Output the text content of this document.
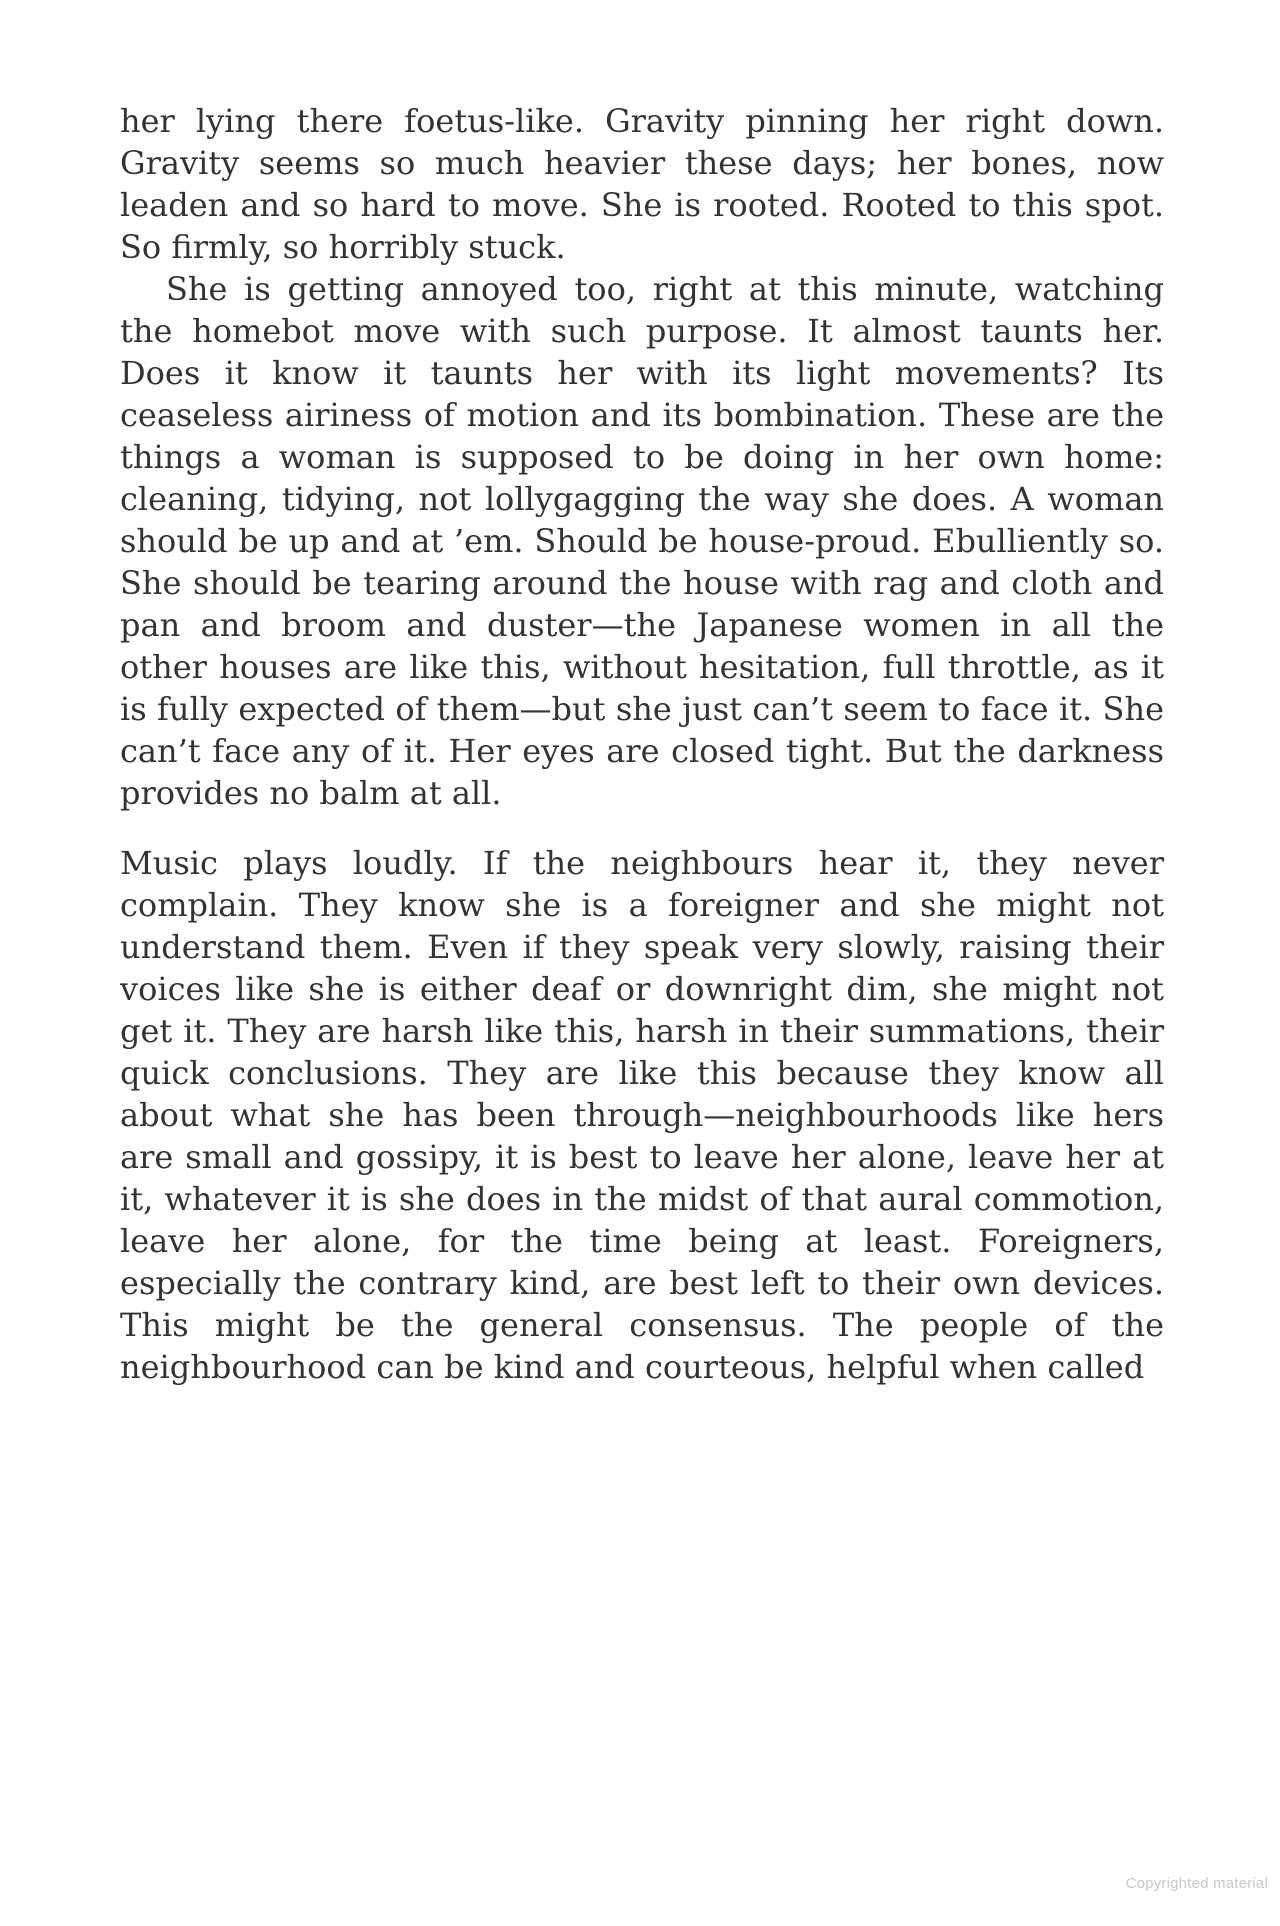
her lying there foetus-like. Gravity pinning her right down. Gravity seems so much heavier these days; her bones, now leaden and so hard to move. She is rooted. Rooted to this spot. So firmly, so horribly stuck.

She is getting annoyed too, right at this minute, watching the homebot move with such purpose. It almost taunts her. Does it know it taunts her with its light movements? Its ceaseless airiness of motion and its bombination. These are the things a woman is supposed to be doing in her own home: cleaning, tidying, not lollygagging the way she does. A woman should be up and at ’em. Should be house-proud. Ebulliently so. She should be tearing around the house with rag and cloth and pan and broom and duster—the Japanese women in all the other houses are like this, without hesitation, full throttle, as it is fully expected of them—but she just can’t seem to face it. She can’t face any of it. Her eyes are closed tight. But the darkness provides no balm at all.

Music plays loudly. If the neighbours hear it, they never complain. They know she is a foreigner and she might not understand them. Even if they speak very slowly, raising their voices like she is either deaf or downright dim, she might not get it. They are harsh like this, harsh in their summations, their quick conclusions. They are like this because they know all about what she has been through—neighbourhoods like hers are small and gossipy, it is best to leave her alone, leave her at it, whatever it is she does in the midst of that aural commotion, leave her alone, for the time being at least. Foreigners, especially the contrary kind, are best left to their own devices. This might be the general consensus. The people of the neighbourhood can be kind and courteous, helpful when called

Copyrighted material
